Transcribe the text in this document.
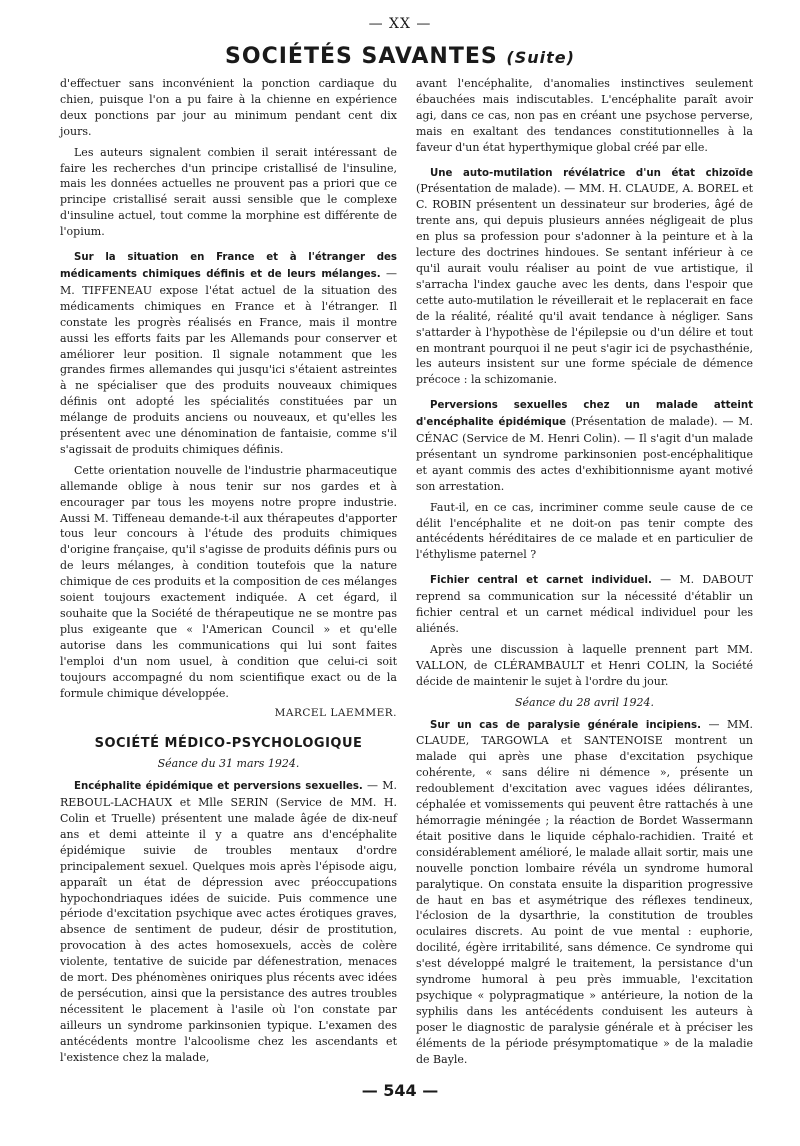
— XX —
SOCIÉTÉS SAVANTES (Suite)

d'effectuer sans inconvénient la ponction cardiaque du chien, puisque l'on a pu faire à la chienne en expérience deux ponctions par jour au minimum pendant cent dix jours.

Les auteurs signalent combien il serait intéressant de faire les recherches d'un principe cristallisé de l'insuline, mais les données actuelles ne prouvent pas a priori que ce principe cristallisé serait aussi sensible que le complexe d'insuline actuel, tout comme la morphine est différente de l'opium.

Sur la situation en France et à l'étranger des médicaments chimiques définis et de leurs mélanges. — M. TIFFENEAU expose l'état actuel de la situation des médicaments chimiques en France et à l'étranger. Il constate les progrès réalisés en France, mais il montre aussi les efforts faits par les Allemands pour conserver et améliorer leur position. Il signale notamment que les grandes firmes allemandes qui jusqu'ici s'étaient astreintes à ne spécialiser que des produits nouveaux chimiques définis ont adopté les spécialités constituées par un mélange de produits anciens ou nouveaux, et qu'elles les présentent avec une dénomination de fantaisie, comme s'il s'agissait de produits chimiques définis.

Cette orientation nouvelle de l'industrie pharmaceutique allemande oblige à nous tenir sur nos gardes et à encourager par tous les moyens notre propre industrie. Aussi M. Tiffeneau demande-t-il aux thérapeutes d'apporter tous leur concours à l'étude des produits chimiques d'origine française, qu'il s'agisse de produits définis purs ou de leurs mélanges, à condition toutefois que la nature chimique de ces produits et la composition de ces mélanges soient toujours exactement indiquée. A cet égard, il souhaite que la Société de thérapeutique ne se montre pas plus exigeante que « l'American Council » et qu'elle autorise dans les communications qui lui sont faites l'emploi d'un nom usuel, à condition que celui-ci soit toujours accompagné du nom scientifique exact ou de la formule chimique développée.

MARCEL LAEMMER.
SOCIÉTÉ MÉDICO-PSYCHOLOGIQUE
Séance du 31 mars 1924.

Encéphalite épidémique et perversions sexuelles. — M. REBOUL-LACHAUX et Mlle SERIN (Service de MM. H. Colin et Truelle) présentent une malade âgée de dix-neuf ans et demi atteinte il y a quatre ans d'encéphalite épidémique suivie de troubles mentaux d'ordre principalement sexuel. Quelques mois après l'épisode aigu, apparaît un état de dépression avec préoccupations hypochondriaques idées de suicide. Puis commence une période d'excitation psychique avec actes érotiques graves, absence de sentiment de pudeur, désir de prostitution, provocation à des actes homosexuels, accès de colère violente, tentative de suicide par défenestration, menaces de mort. Des phénomènes oniriques plus récents avec idées de persécution, ainsi que la persistance des autres troubles nécessitent le placement à l'asile où l'on constate par ailleurs un syndrome parkinsonien typique. L'examen des antécédents montre l'alcoolisme chez les ascendants et l'existence chez la malade,

avant l'encéphalite, d'anomalies instinctives seulement ébauchées mais indiscutables. L'encéphalite paraît avoir agi, dans ce cas, non pas en créant une psychose perverse, mais en exaltant des tendances constitutionnelles à la faveur d'un état hyperthymique global créé par elle.

Une auto-mutilation révélatrice d'un état chizoïde (Présentation de malade). — MM. H. CLAUDE, A. BOREL et C. ROBIN présentent un dessinateur sur broderies, âgé de trente ans, qui depuis plusieurs années négligeait de plus en plus sa profession pour s'adonner à la peinture et à la lecture des doctrines hindoues. Se sentant inférieur à ce qu'il aurait voulu réaliser au point de vue artistique, il s'arracha l'index gauche avec les dents, dans l'espoir que cette auto-mutilation le réveillerait et le replacerait en face de la réalité, réalité qu'il avait tendance à négliger. Sans s'attarder à l'hypothèse de l'épilepsie ou d'un délire et tout en montrant pourquoi il ne peut s'agir ici de psychasthénie, les auteurs insistent sur une forme spéciale de démence précoce : la schizomanie.

Perversions sexuelles chez un malade atteint d'encéphalite épidémique (Présentation de malade). — M. CÉNAC (Service de M. Henri Colin). — Il s'agit d'un malade présentant un syndrome parkinsonien post-encéphalitique et ayant commis des actes d'exhibitionnisme ayant motivé son arrestation.

Faut-il, en ce cas, incriminer comme seule cause de ce délit l'encéphalite et ne doit-on pas tenir compte des antécédents héréditaires de ce malade et en particulier de l'éthylisme paternel ?

Fichier central et carnet individuel. — M. DABOUT reprend sa communication sur la nécessité d'établir un fichier central et un carnet médical individuel pour les aliénés.

Après une discussion à laquelle prennent part MM. VALLON, de CLÉRAMBAULT et Henri COLIN, la Société décide de maintenir le sujet à l'ordre du jour.

Séance du 28 avril 1924.

Sur un cas de paralysie générale incipiens. — MM. CLAUDE, TARGOWLA et SANTENOISE montrent un malade qui après une phase d'excitation psychique cohérente, « sans délire ni démence », présente un redoublement d'excitation avec vagues idées délirantes, céphalée et vomissements qui peuvent être rattachés à une hémorragie méningée ; la réaction de Bordet Wassermann était positive dans le liquide céphalo-rachidien. Traité et considérablement amélioré, le malade allait sortir, mais une nouvelle ponction lombaire révéla un syndrome humoral paralytique. On constata ensuite la disparition progressive de haut en bas et asymétrique des réflexes tendineux, l'éclosion de la dysarthrie, la constitution de troubles oculaires discrets. Au point de vue mental : euphorie, docilité, égère irritabilité, sans démence. Ce syndrome qui s'est développé malgré le traitement, la persistance d'un syndrome humoral à peu près immuable, l'excitation psychique « polypragmatique » antérieure, la notion de la syphilis dans les antécédents conduisent les auteurs à poser le diagnostic de paralysie générale et à préciser les éléments de la période présymptomatique » de la maladie de Bayle.

— 544 —
